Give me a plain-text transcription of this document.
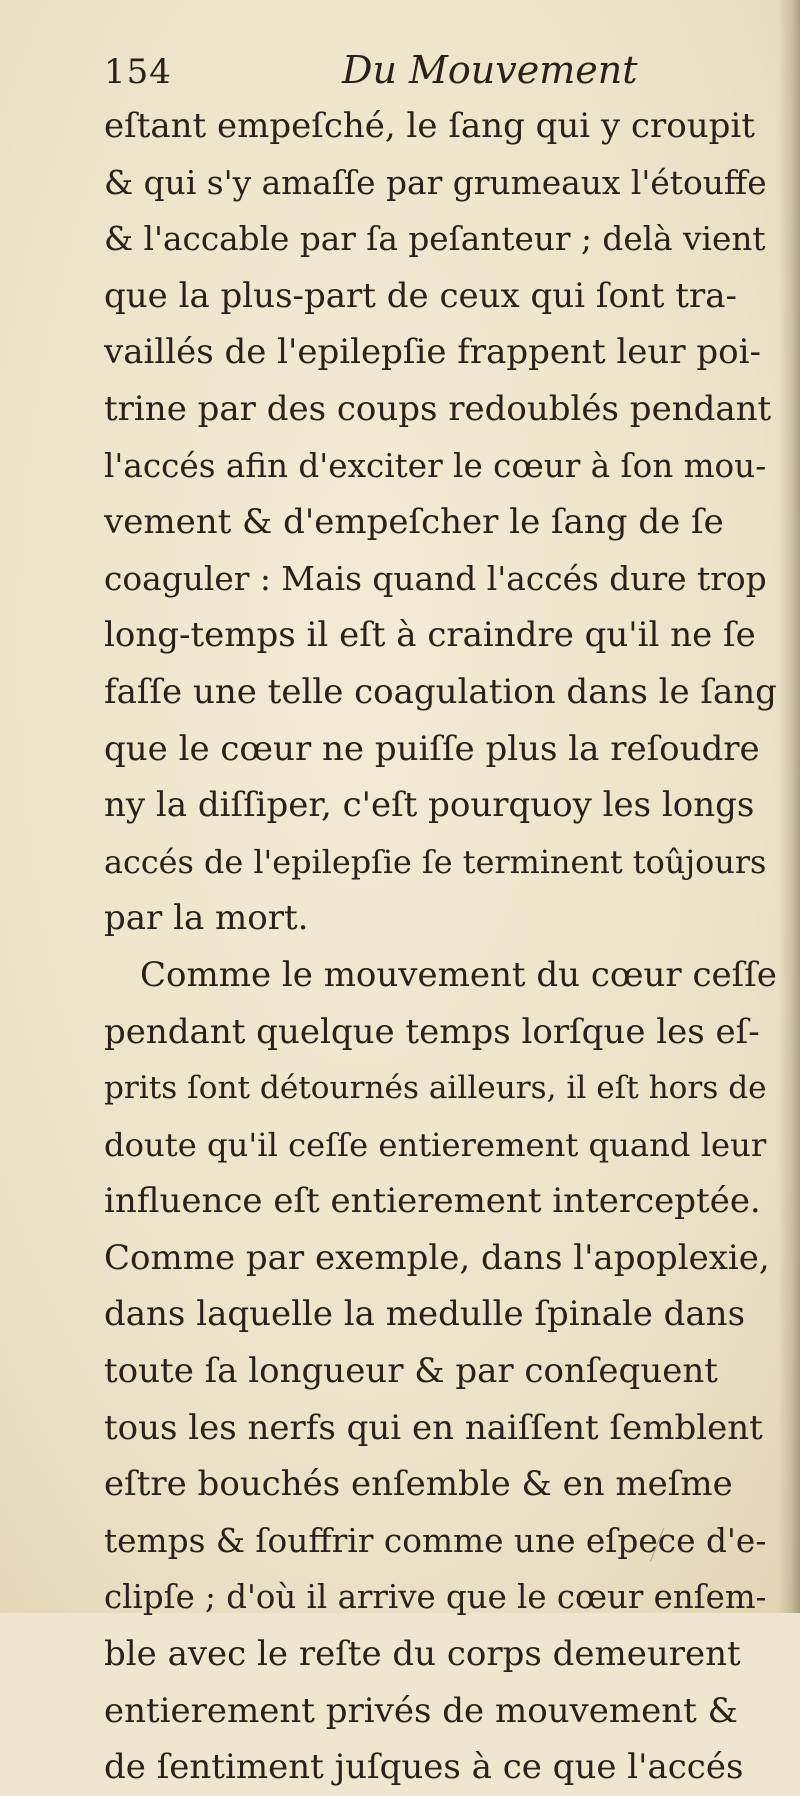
154	Du Mouvement
eſtant empeſché, le ſang qui y croupit
& qui s'y amaſſe par grumeaux l'étouffe
& l'accable par ſa peſanteur ; delà vient
que la plus-part de ceux qui ſont tra-
vaillés de l'epilepſie frappent leur poi-
trine par des coups redoublés pendant
l'accés afin d'exciter le cœur à ſon mou-
vement & d'empeſcher le ſang de ſe
coaguler : Mais quand l'accés dure trop
long-temps il eſt à craindre qu'il ne ſe
faſſe une telle coagulation dans le ſang
que le cœur ne puiſſe plus la reſoudre
ny la diſſiper, c'eſt pourquoy les longs
accés de l'epilepſie ſe terminent toûjours
par la mort.
Comme le mouvement du cœur ceſſe
pendant quelque temps lorſque les eſ-
prits ſont détournés ailleurs, il eſt hors de
doute qu'il ceſſe entierement quand leur
influence eſt entierement interceptée.
Comme par exemple, dans l'apoplexie,
dans laquelle la medulle ſpinale dans
toute ſa longueur & par conſequent
tous les nerfs qui en naiſſent ſemblent
eſtre bouchés enſemble & en meſme
temps & ſouffrir comme une eſpece d'e-
clipſe ; d'où il arrive que le cœur enſem-
ble avec le reſte du corps demeurent
entierement privés de mouvement &
de ſentiment juſques à ce que l'accés
